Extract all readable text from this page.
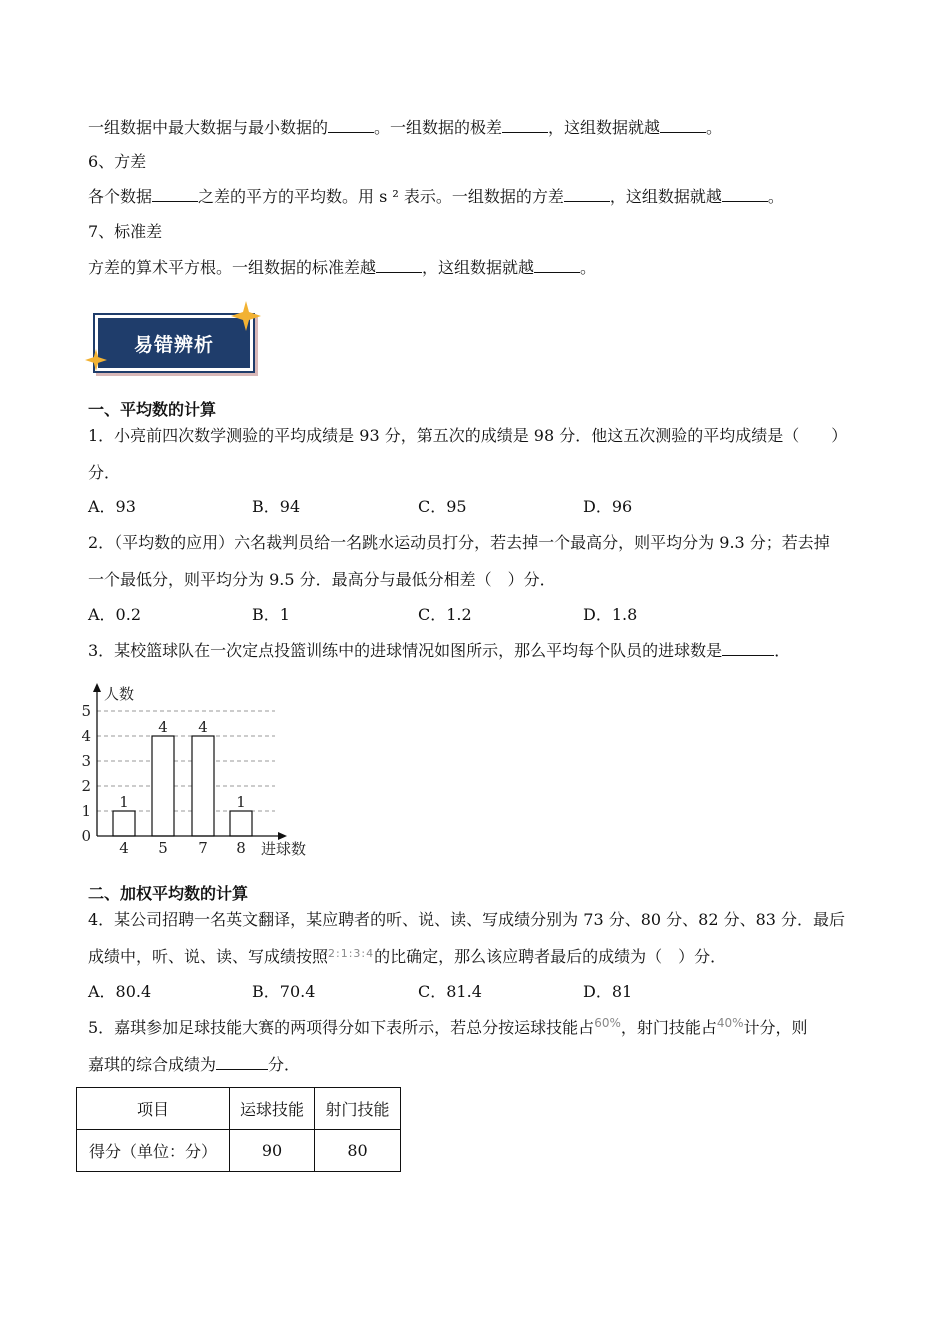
一组数据中最大数据与最小数据的	。一组数据的极差	，这组数据就越	。
6、方差
各个数据	之差的平方的平均数。用 s ² 表示。一组数据的方差	，这组数据就越	。
7、标准差
方差的算术平方根。一组数据的标准差越	，这组数据就越	。
易错辨析
一、平均数的计算
1．小亮前四次数学测验的平均成绩是 93 分，第五次的成绩是 98 分．他这五次测验的平均成绩是（　　）
分．
A．93	B．94	C．95	D．96
2．（平均数的应用）六名裁判员给一名跳水运动员打分，若去掉一个最高分，则平均分为 9.3 分；若去掉
一个最低分，则平均分为 9.5 分．最高分与最低分相差（　）分．
A．0.2	B．1	C．1.2	D．1.8
3．某校篮球队在一次定点投篮训练中的进球情况如图所示，那么平均每个队员的进球数是	．
1
4 4
1
0
1
2
3
4
5
人数
进球数
4 5 7 8
二、加权平均数的计算
4．某公司招聘一名英文翻译，某应聘者的听、说、读、写成绩分别为 73 分、80 分、82 分、83 分．最后
成绩中，听、说、读、写成绩按照$^{2:1:3:4}$的比确定，那么该应聘者最后的成绩为（　）分．
A．80.4	B．70.4	C．81.4	D．81
5．嘉琪参加足球技能大赛的两项得分如下表所示，若总分按运球技能占$^{60\%}$，射门技能占$^{40\%}$计分，则
嘉琪的综合成绩为	分．
项目	运球技能	射门技能
得分（单位：分）	90	80
